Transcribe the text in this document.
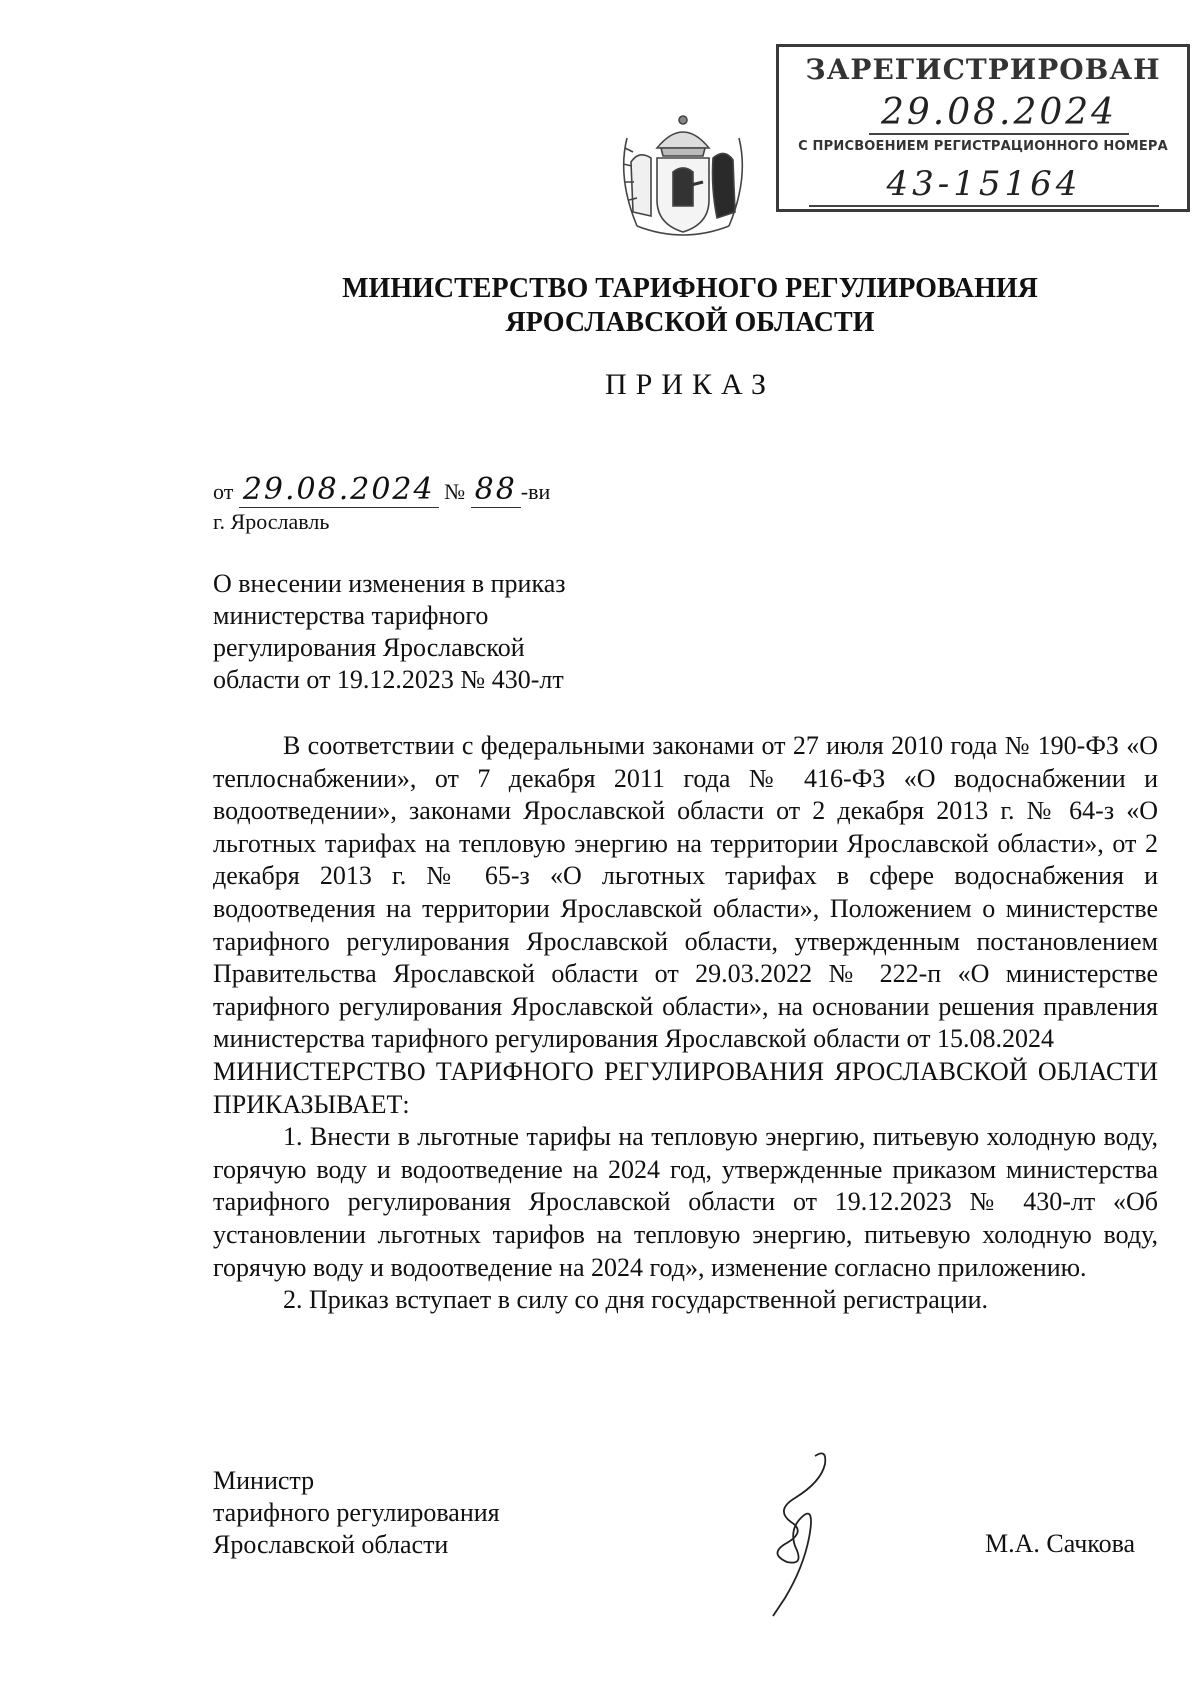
ЗАРЕГИСТРИРОВАН
29.08.2024
С ПРИСВОЕНИЕМ РЕГИСТРАЦИОННОГО НОМЕРА
43-15164
МИНИСТЕРСТВО ТАРИФНОГО РЕГУЛИРОВАНИЯ
ЯРОСЛАВСКОЙ ОБЛАСТИ
ПРИКАЗ
от 29.08.2024 № 88 -ви
г. Ярославль
О внесении изменения в приказ
министерства тарифного
регулирования Ярославской
области от 19.12.2023 № 430-лт

В соответствии с федеральными законами от 27 июля 2010 года № 190-ФЗ «О теплоснабжении», от 7 декабря 2011 года № 416-ФЗ «О водоснабжении и водоотведении», законами Ярославской области от 2 декабря 2013 г. № 64-з «О льготных тарифах на тепловую энергию на территории Ярославской области», от 2 декабря 2013 г. № 65-з «О льготных тарифах в сфере водоснабжения и водоотведения на территории Ярославской области», Положением о министерстве тарифного регулирования Ярославской области, утвержденным постановлением Правительства Ярославской области от 29.03.2022 № 222-п «О министерстве тарифного регулирования Ярославской области», на основании решения правления министерства тарифного регулирования Ярославской области от 15.08.2024

МИНИСТЕРСТВО ТАРИФНОГО РЕГУЛИРОВАНИЯ ЯРОСЛАВСКОЙ ОБЛАСТИ ПРИКАЗЫВАЕТ:

1. Внести в льготные тарифы на тепловую энергию, питьевую холодную воду, горячую воду и водоотведение на 2024 год, утвержденные приказом министерства тарифного регулирования Ярославской области от 19.12.2023 № 430-лт «Об установлении льготных тарифов на тепловую энергию, питьевую холодную воду, горячую воду и водоотведение на 2024 год», изменение согласно приложению.

2. Приказ вступает в силу со дня государственной регистрации.

Министр
тарифного регулирования
Ярославской области	М.А. Сачкова
